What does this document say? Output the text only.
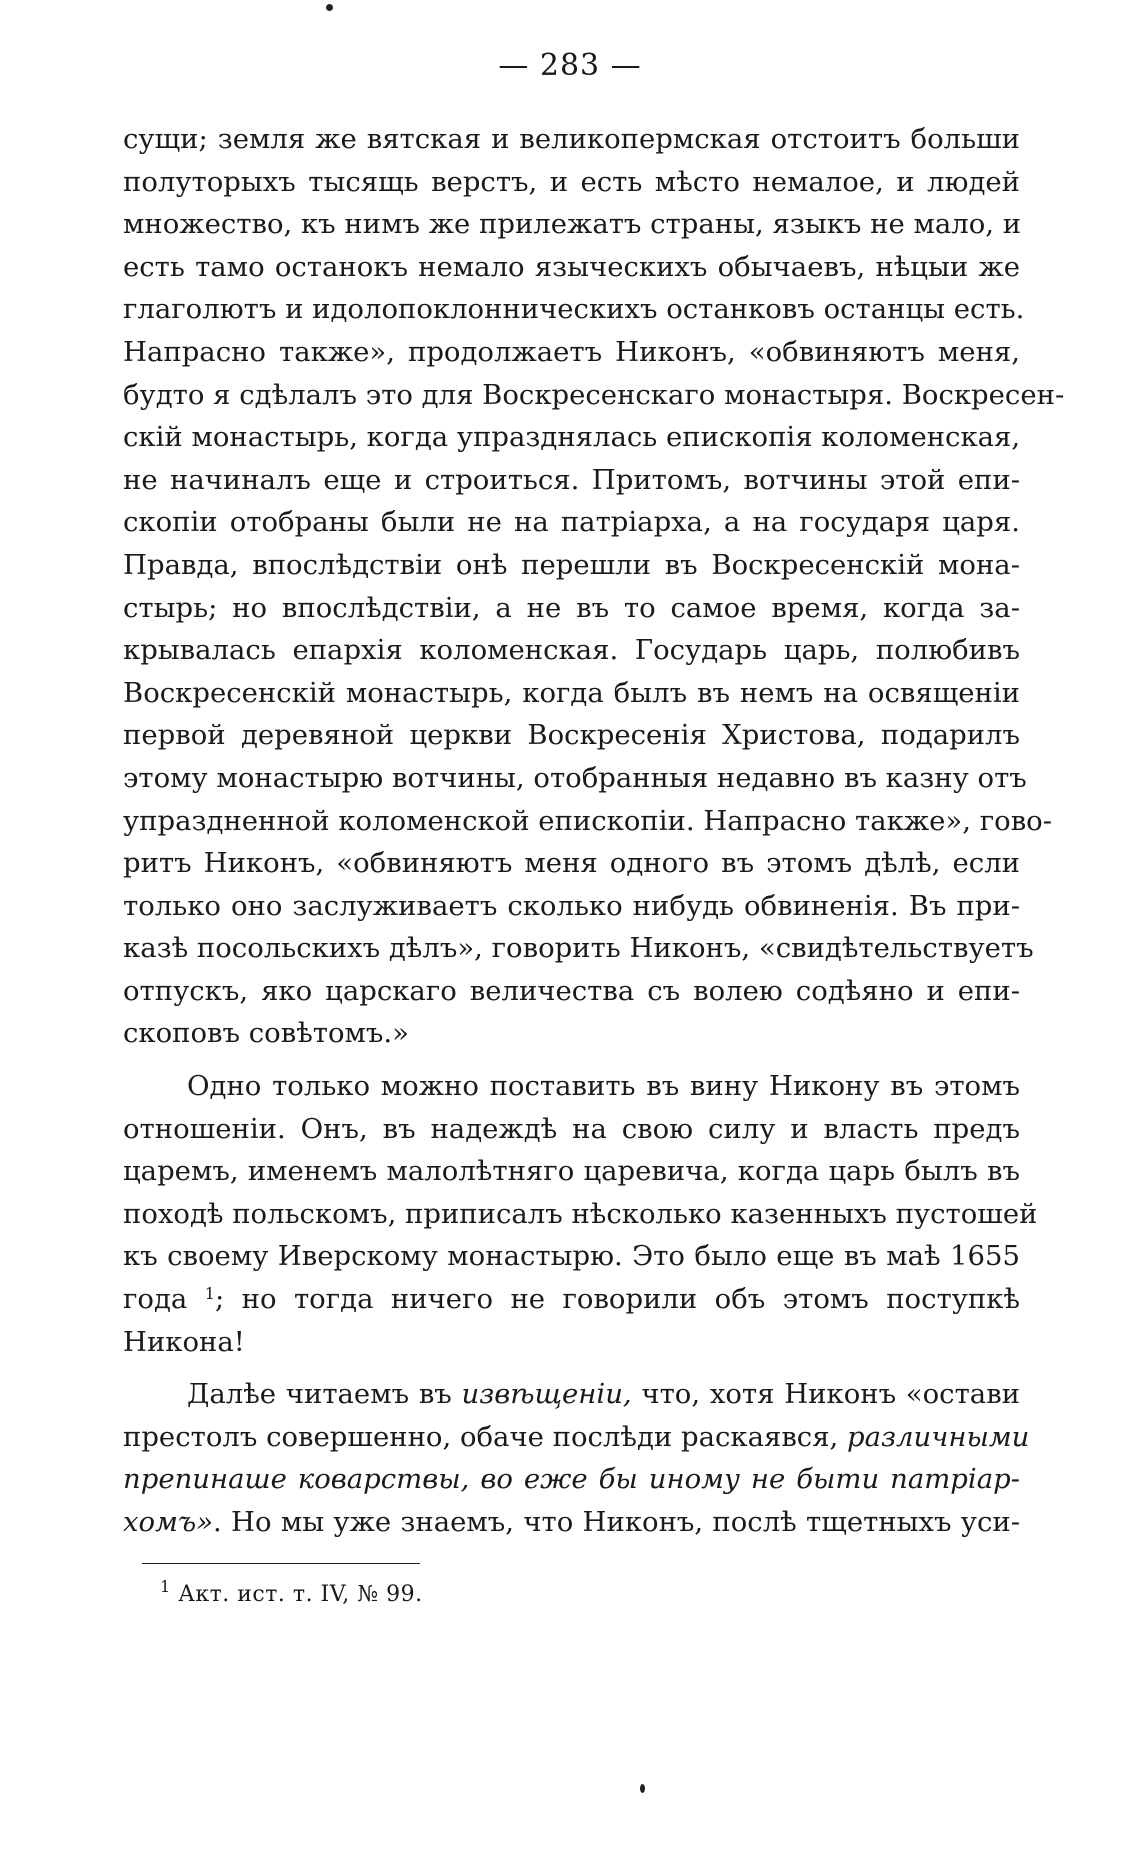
— 283 —
сущи; земля же вятская и великопермская отстоитъ больши
полуторыхъ тысящь верстъ, и есть мѣсто немалое, и людей
множество, къ нимъ же прилежатъ страны, языкъ не мало, и
есть тамо останокъ немало языческихъ обычаевъ, нѣцыи же
глаголютъ и идолопоклонническихъ останковъ останцы есть.
Напрасно также», продолжаетъ Никонъ, «обвиняютъ меня,
будто я сдѣлалъ это для Воскресенскаго монастыря. Воскресен-
скій монастырь, когда упразднялась епископія коломенская,
не начиналъ еще и строиться. Притомъ, вотчины этой епи-
скопіи отобраны были не на патріарха, а на государя царя.
Правда, впослѣдствіи онѣ перешли въ Воскресенскій мона-
стырь; но впослѣдствіи, а не въ то самое время, когда за-
крывалась епархія коломенская. Государь царь, полюбивъ
Воскресенскій монастырь, когда былъ въ немъ на освященіи
первой деревяной церкви Воскресенія Христова, подарилъ
этому монастырю вотчины, отобранныя недавно въ казну отъ
упраздненной коломенской епископіи. Напрасно также», гово-
ритъ Никонъ, «обвиняютъ меня одного въ этомъ дѣлѣ, если
только оно заслуживаетъ сколько нибудь обвиненія. Въ при-
казѣ посольскихъ дѣлъ», говорить Никонъ, «свидѣтельствуетъ
отпускъ, яко царскаго величества съ волею содѣяно и епи-
скоповъ совѣтомъ.»
Одно только можно поставить въ вину Никону въ этомъ
отношеніи. Онъ, въ надеждѣ на свою силу и власть предъ
царемъ, именемъ малолѣтняго царевича, когда царь былъ въ
походѣ польскомъ, приписалъ нѣсколько казенныхъ пустошей
къ своему Иверскому монастырю. Это было еще въ маѣ 1655
года $^1$; но тогда ничего не говорили объ этомъ поступкѣ
Никона!
Далѣе читаемъ въ извѣщеніи, что, хотя Никонъ «остави
престолъ совершенно, обаче послѣди раскаявся, различными
препинаше коварствы, во еже бы иному не быти патріар-
хомъ». Но мы уже знаемъ, что Никонъ, послѣ тщетныхъ уси-
$^1$ Акт. ист. т. IV, № 99.
